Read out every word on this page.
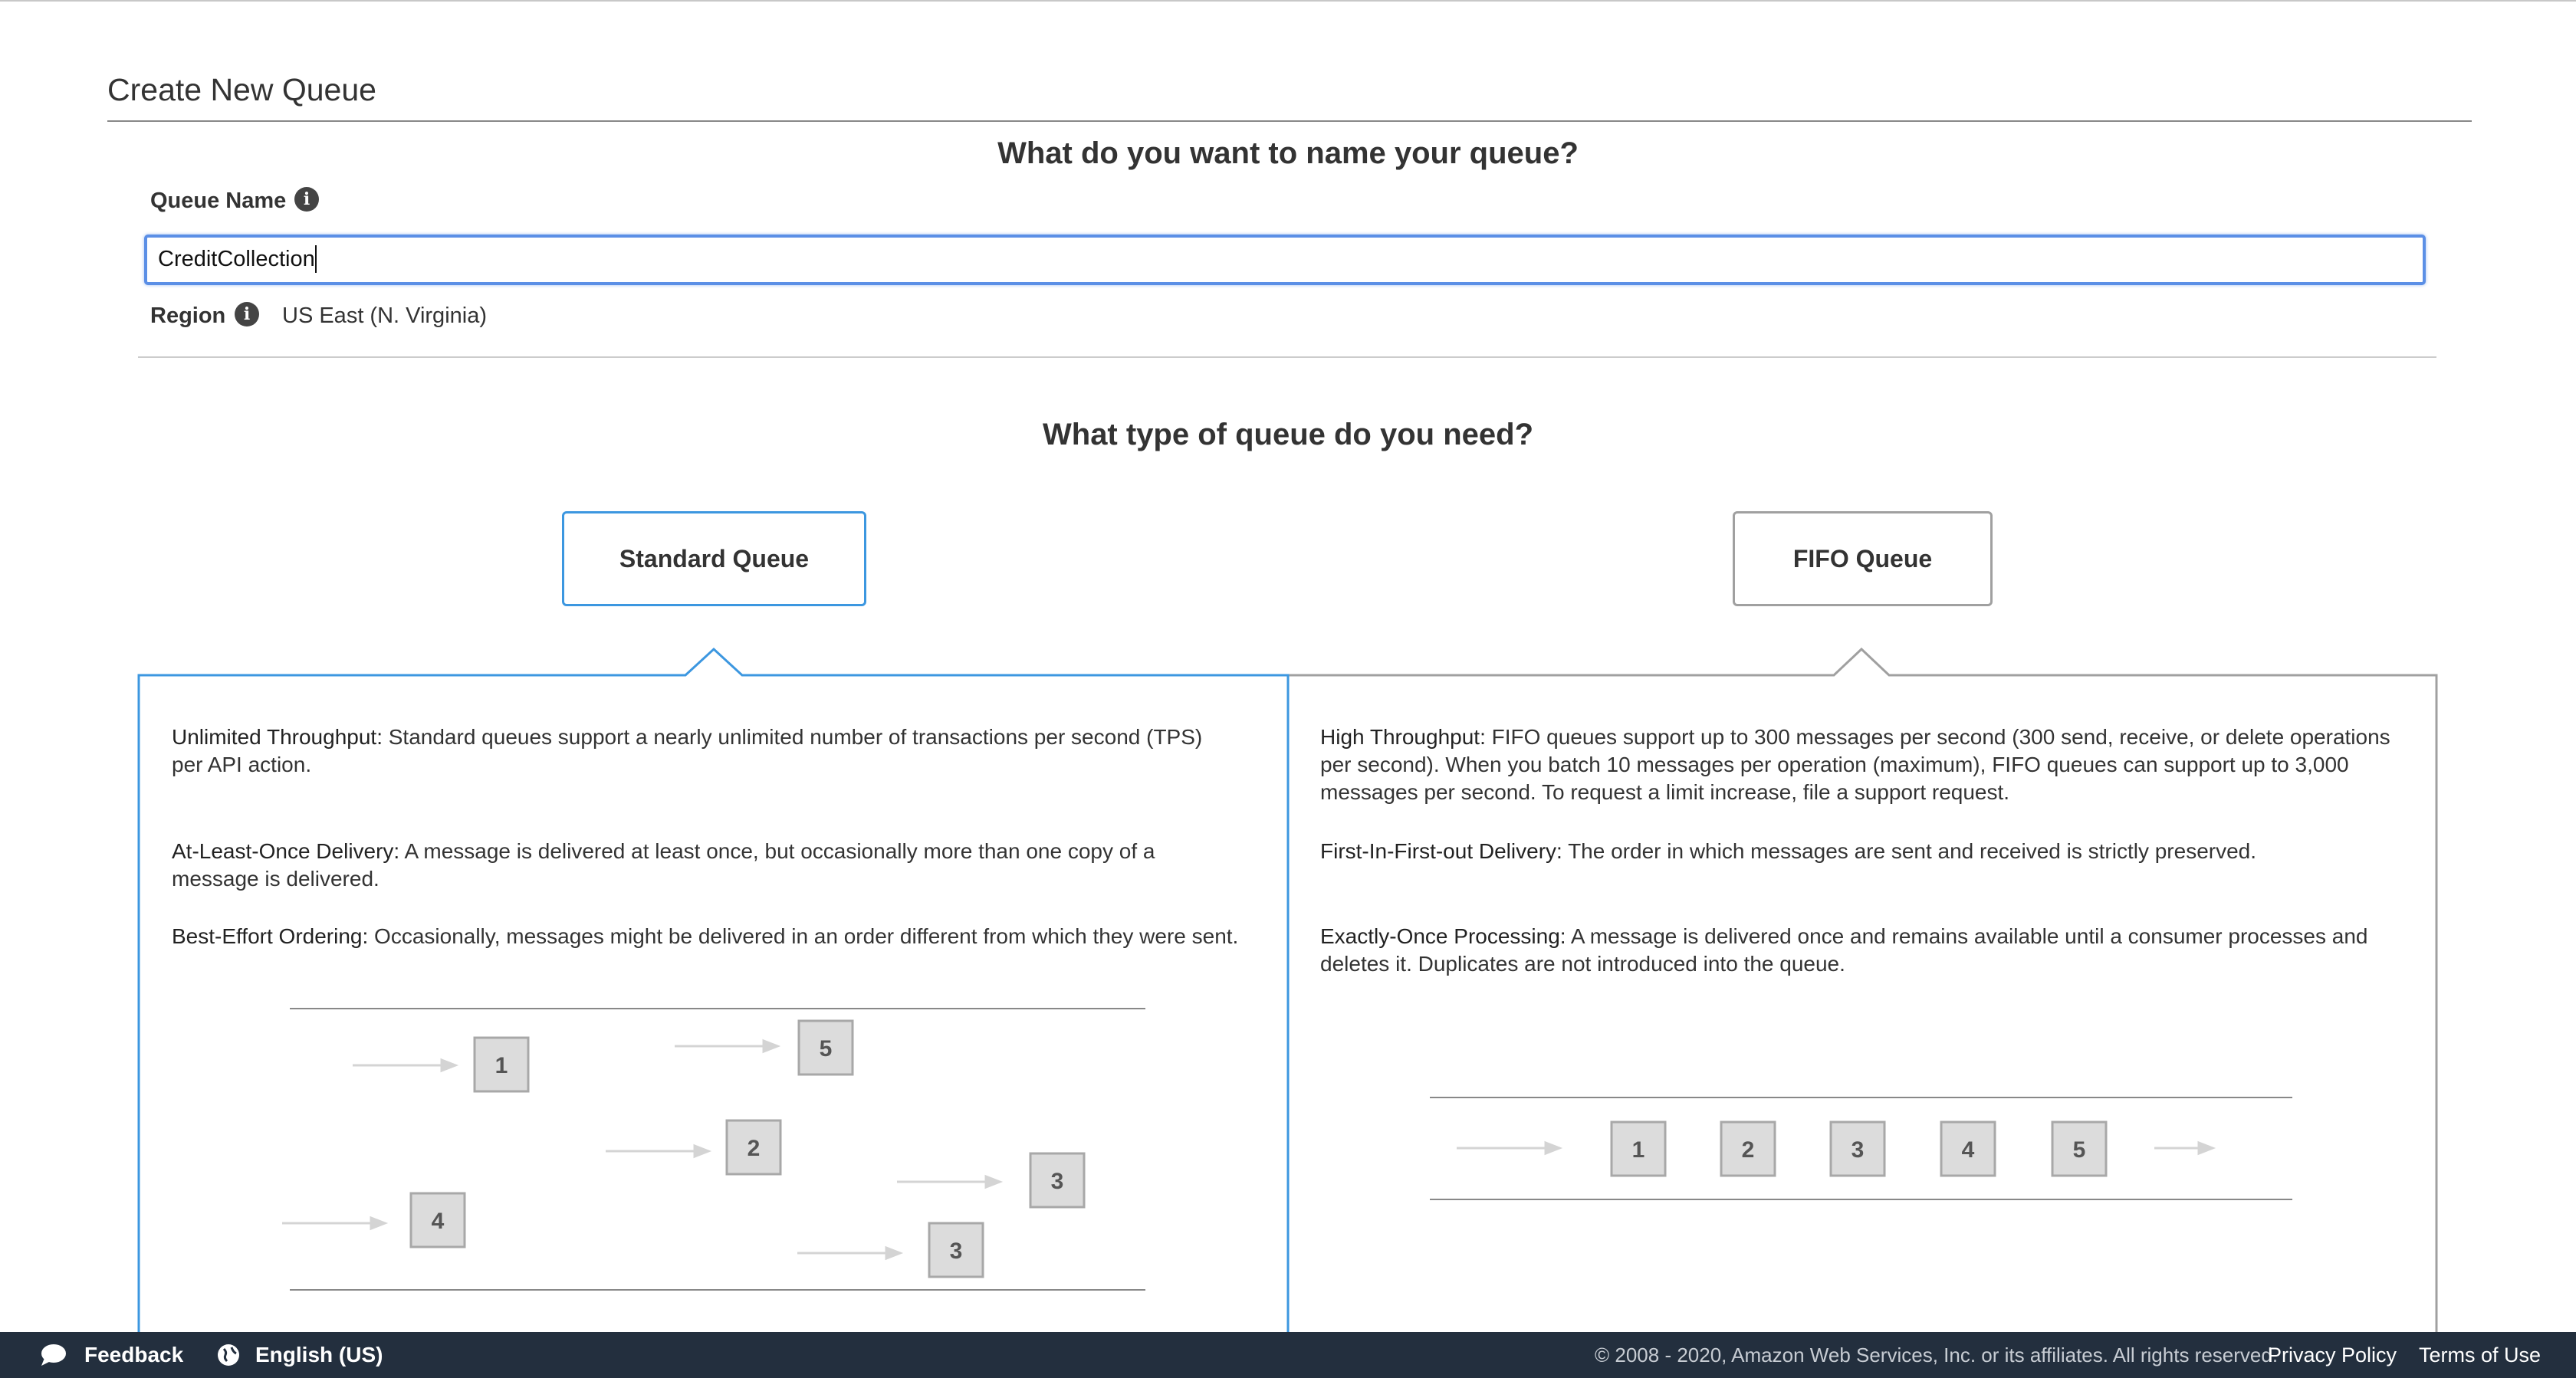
Create New Queue
What do you want to name your queue?
Queue Name	i
CreditCollection
Region	i	US East (N. Virginia)
What type of queue do you need?
Standard Queue	FIFO Queue
1
5
2
3
4
3
1	2	3	4	5
Unlimited Throughput: Standard queues support a nearly unlimited number of transactions per second (TPS) per API action.
At-Least-Once Delivery: A message is delivered at least once, but occasionally more than one copy of a message is delivered.
Best-Effort Ordering: Occasionally, messages might be delivered in an order different from which they were sent.
High Throughput: FIFO queues support up to 300 messages per second (300 send, receive, or delete operations per second). When you batch 10 messages per operation (maximum), FIFO queues can support up to 3,000 messages per second. To request a limit increase, file a support request.
First-In-First-out Delivery: The order in which messages are sent and received is strictly preserved.
Exactly-Once Processing: A message is delivered once and remains available until a consumer processes and deletes it. Duplicates are not introduced into the queue.
Feedback	English (US)	© 2008 - 2020, Amazon Web Services, Inc. or its affiliates. All rights reserved.
Privacy Policy Terms of Use
